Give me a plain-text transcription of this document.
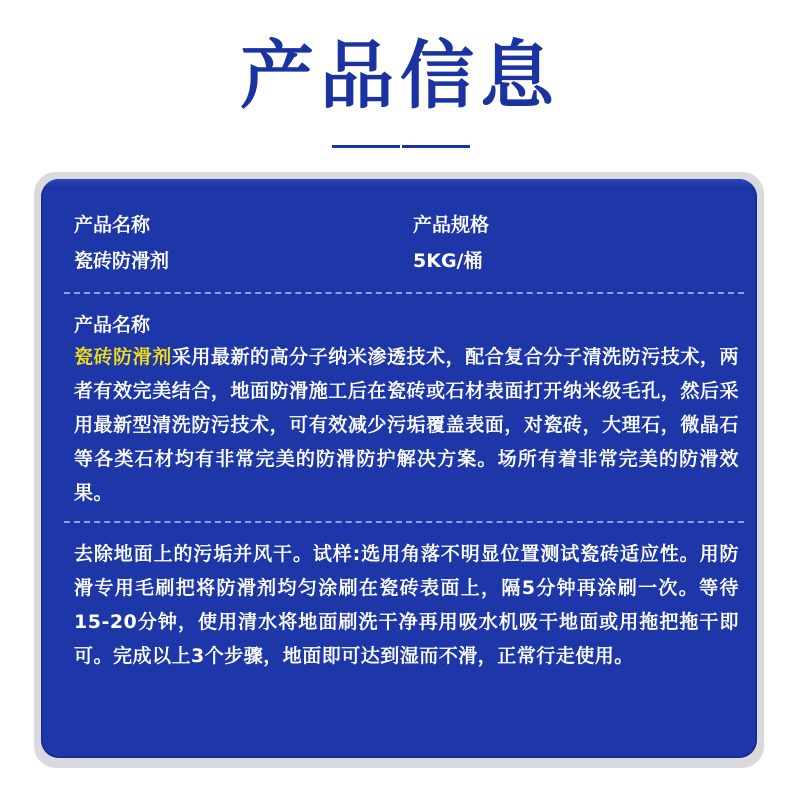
产品信息
产品名称
瓷砖防滑剂
产品规格
5KG/桶
产品名称
瓷砖防滑剂采用最新的高分子纳米渗透技术，配合复合分子清洗防污技术，两者有效完美结合，地面防滑施工后在瓷砖或石材表面打开纳米级毛孔，然后采用最新型清洗防污技术，可有效减少污垢覆盖表面，对瓷砖，大理石，微晶石等各类石材均有非常完美的防滑防护解决方案。场所有着非常完美的防滑效果。
去除地面上的污垢并风干。试样:选用角落不明显位置测试瓷砖适应性。用防滑专用毛刷把将防滑剂均匀涂刷在瓷砖表面上，隔5分钟再涂刷一次。等待15-20分钟，使用清水将地面刷洗干净再用吸水机吸干地面或用拖把拖干即可。完成以上3个步骤，地面即可达到湿而不滑，正常行走使用。
